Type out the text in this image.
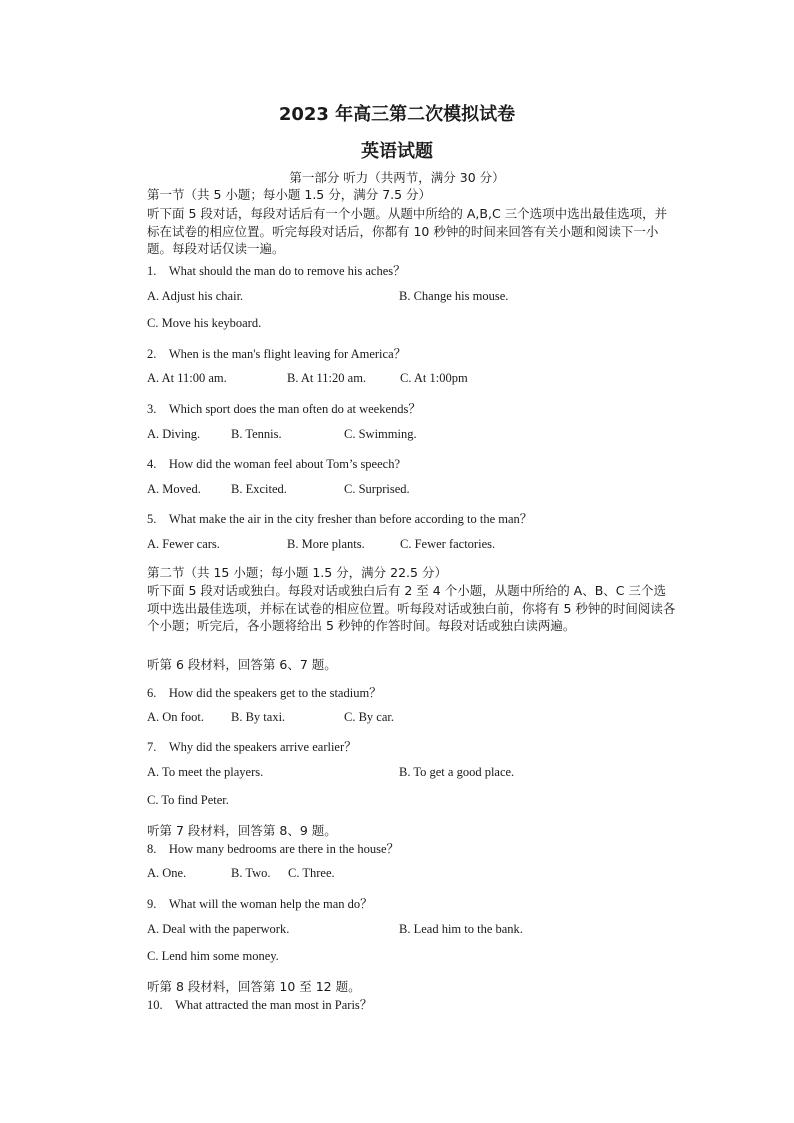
2023 年高三第二次模拟试卷
英语试题
第一部分 听力（共两节，满分 30 分）
第一节（共 5 小题；每小题 1.5 分，满分 7.5 分）
听下面 5 段对话，每段对话后有一个小题。从题中所给的 A,B,C 三个选项中选出最佳选项，并标在试卷的相应位置。听完每段对话后，你都有 10 秒钟的时间来回答有关小题和阅读下一小题。每段对话仅读一遍。
1.　What should the man do to remove his aches？
A. Adjust his chair.	B. Change his mouse.
C. Move his keyboard.
2.　When is the man's flight leaving for America？
A. At 11:00 am.	B. At 11:20 am.	C. At 1:00pm
3.　Which sport does the man often do at weekends？
A. Diving. B. Tennis.	C. Swimming.
4.　How did the woman feel about Tom’s speech?
A. Moved. B. Excited.	C. Surprised.
5.　What make the air in the city fresher than before according to the man？
A. Fewer cars.	B. More plants.	C. Fewer factories.
第二节（共 15 小题；每小题 1.5 分，满分 22.5 分）
听下面 5 段对话或独白。每段对话或独白后有 2 至 4 个小题，从题中所给的 A、B、C 三个选项中选出最佳选项，并标在试卷的相应位置。听每段对话或独白前，你将有 5 秒钟的时间阅读各个小题；听完后，各小题将给出 5 秒钟的作答时间。每段对话或独白读两遍。
听第 6 段材料，回答第 6、7 题。
6.　How did the speakers get to the stadium？
A. On foot. B. By taxi.	C. By car.
7.　Why did the speakers arrive earlier？
A. To meet the players.	B. To get a good place.
C. To find Peter.
听第 7 段材料，回答第 8、9 题。
8.　How many bedrooms are there in the house？
A. One.	B. Two. C. Three.
9.　What will the woman help the man do？
A. Deal with the paperwork.	B. Lead him to the bank.
C. Lend him some money.
听第 8 段材料，回答第 10 至 12 题。
10.　What attracted the man most in Paris？
